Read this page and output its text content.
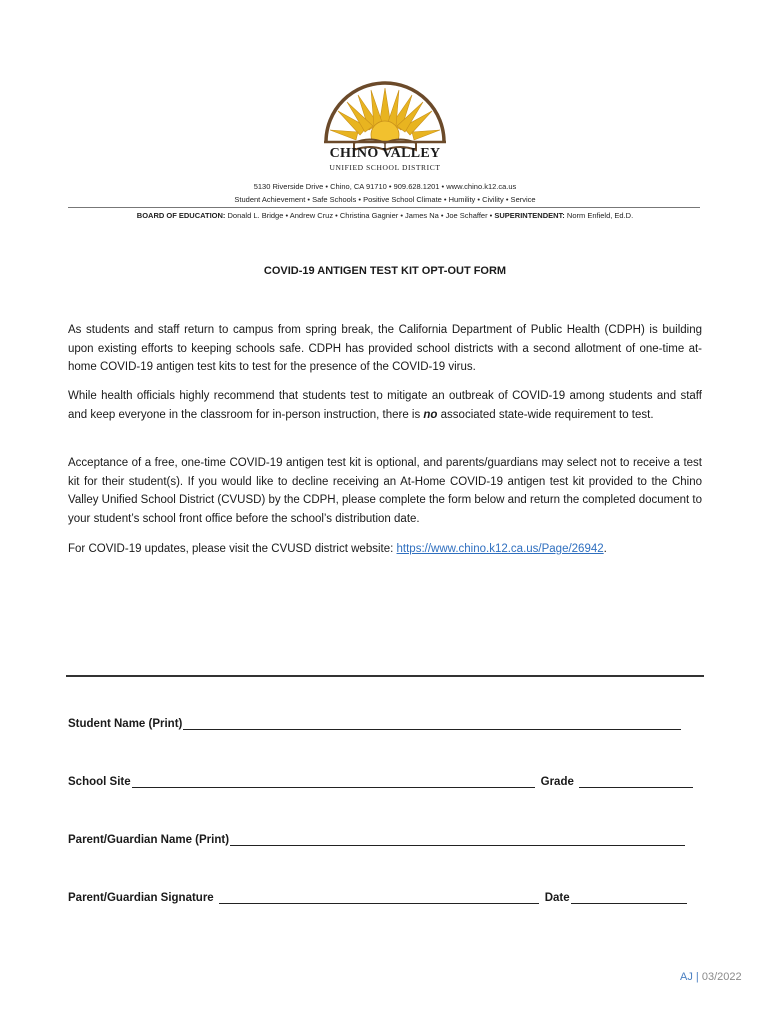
CHINO VALLEY
UNIFIED SCHOOL DISTRICT
5130 Riverside Drive • Chino, CA 91710 • 909.628.1201 • www.chino.k12.ca.us
Student Achievement • Safe Schools • Positive School Climate • Humility • Civility • Service
BOARD OF EDUCATION: Donald L. Bridge • Andrew Cruz • Christina Gagnier • James Na • Joe Schaffer • SUPERINTENDENT: Norm Enfield, Ed.D.
COVID-19 ANTIGEN TEST KIT OPT-OUT FORM

As students and staff return to campus from spring break, the California Department of Public Health (CDPH) is building upon existing efforts to keeping schools safe. CDPH has provided school districts with a second allotment of one-time at-home COVID-19 antigen test kits to test for the presence of the COVID-19 virus.

While health officials highly recommend that students test to mitigate an outbreak of COVID-19 among students and staff and keep everyone in the classroom for in-person instruction, there is no associated state-wide requirement to test.

Acceptance of a free, one-time COVID-19 antigen test kit is optional, and parents/guardians may select not to receive a test kit for their student(s). If you would like to decline receiving an At-Home COVID-19 antigen test kit provided to the Chino Valley Unified School District (CVUSD) by the CDPH, please complete the form below and return the completed document to your student’s school front office before the school’s distribution date.

For COVID-19 updates, please visit the CVUSD district website: https://www.chino.k12.ca.us/Page/26942.

Student Name (Print)
School Site	Grade
Parent/Guardian Name (Print)
Parent/Guardian Signature	Date
AJ | 03/2022
